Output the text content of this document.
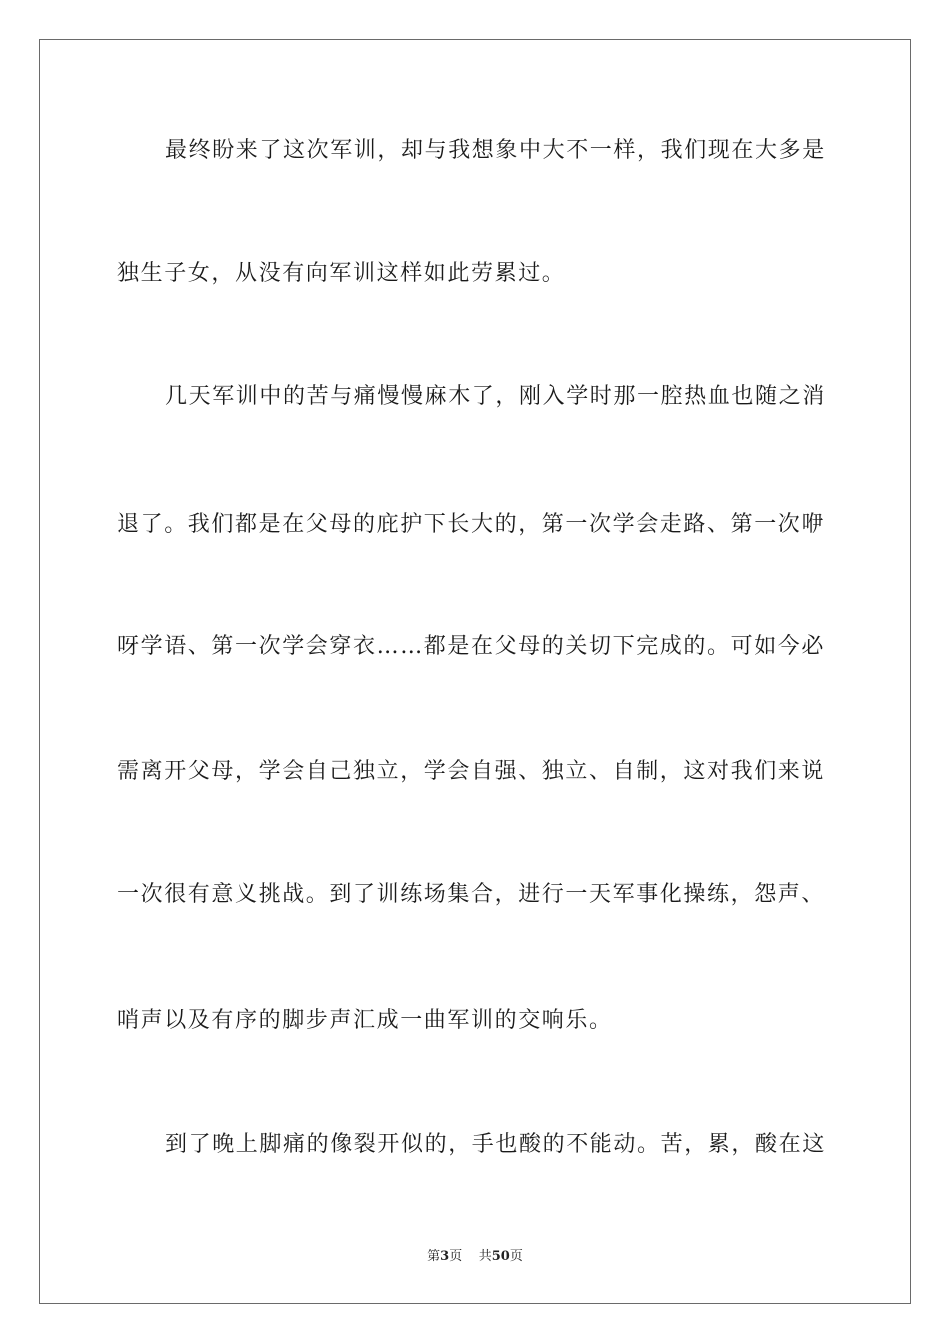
最终盼来了这次军训，却与我想象中大不一样，我们现在大多是
独生子女，从没有向军训这样如此劳累过。
几天军训中的苦与痛慢慢麻木了，刚入学时那一腔热血也随之消
退了。我们都是在父母的庇护下长大的，第一次学会走路、第一次咿
呀学语、第一次学会穿衣……都是在父母的关切下完成的。可如今必
需离开父母，学会自己独立，学会自强、独立、自制，这对我们来说
一次很有意义挑战。到了训练场集合，进行一天军事化操练，怨声、
哨声以及有序的脚步声汇成一曲军训的交响乐。
到了晚上脚痛的像裂开似的，手也酸的不能动。苦，累，酸在这
第3页 共50页
